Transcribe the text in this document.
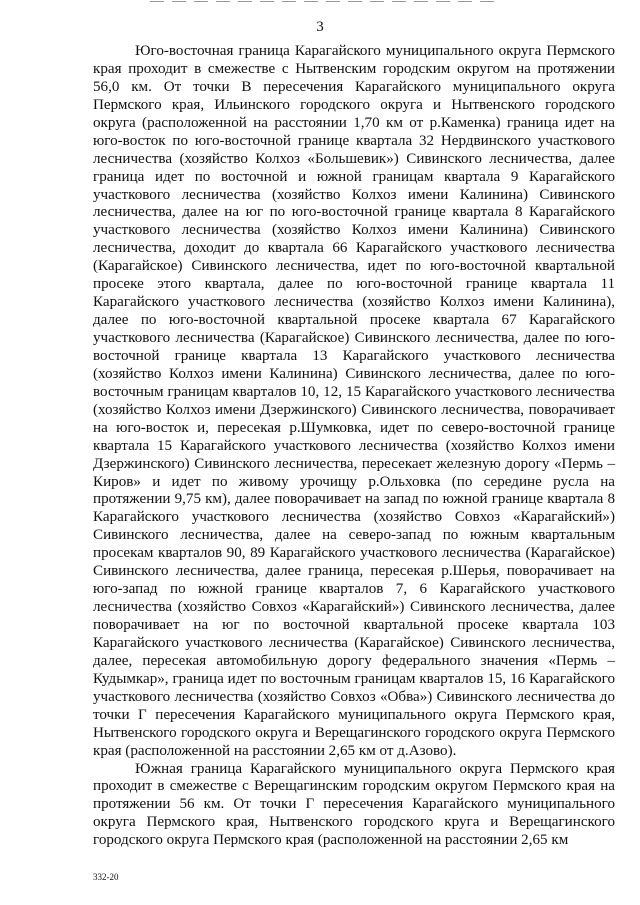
3

Юго-восточная граница Карагайского муниципального округа Пермского края проходит в смежестве с Нытвенским городским округом на протяжении 56,0 км. От точки В пересечения Карагайского муниципального округа Пермского края, Ильинского городского округа и Нытвенского городского округа (расположенной на расстоянии 1,70 км от р.Каменка) граница идет на юго-восток по юго-восточной границе квартала 32 Нердвинского участкового лесничества (хозяйство Колхоз «Большевик») Сивинского лесничества, далее граница идет по восточной и южной границам квартала 9 Карагайского участкового лесничества (хозяйство Колхоз имени Калинина) Сивинского лесничества, далее на юг по юго-восточной границе квартала 8 Карагайского участкового лесничества (хозяйство Колхоз имени Калинина) Сивинского лесничества, доходит до квартала 66 Карагайского участкового лесничества (Карагайское) Сивинского лесничества, идет по юго-восточной квартальной просеке этого квартала, далее по юго-восточной границе квартала 11 Карагайского участкового лесничества (хозяйство Колхоз имени Калинина), далее по юго-восточной квартальной просеке квартала 67 Карагайского участкового лесничества (Карагайское) Сивинского лесничества, далее по юго-восточной границе квартала 13 Карагайского участкового лесничества (хозяйство Колхоз имени Калинина) Сивинского лесничества, далее по юго-восточным границам кварталов 10, 12, 15 Карагайского участкового лесничества (хозяйство Колхоз имени Дзержинского) Сивинского лесничества, поворачивает на юго-восток и, пересекая р.Шумковка, идет по северо-восточной границе квартала 15 Карагайского участкового лесничества (хозяйство Колхоз имени Дзержинского) Сивинского лесничества, пересекает железную дорогу «Пермь – Киров» и идет по живому урочищу р.Ольховка (по середине русла на протяжении 9,75 км), далее поворачивает на запад по южной границе квартала 8 Карагайского участкового лесничества (хозяйство Совхоз «Карагайский») Сивинского лесничества, далее на северо-запад по южным квартальным просекам кварталов 90, 89 Карагайского участкового лесничества (Карагайское) Сивинского лесничества, далее граница, пересекая р.Шерья, поворачивает на юго-запад по южной границе кварталов 7, 6 Карагайского участкового лесничества (хозяйство Совхоз «Карагайский») Сивинского лесничества, далее поворачивает на юг по восточной квартальной просеке квартала 103 Карагайского участкового лесничества (Карагайское) Сивинского лесничества, далее, пересекая автомобильную дорогу федерального значения «Пермь – Кудымкар», граница идет по восточным границам кварталов 15, 16 Карагайского участкового лесничества (хозяйство Совхоз «Обва») Сивинского лесничества до точки Г пересечения Карагайского муниципального округа Пермского края, Нытвенского городского округа и Верещагинского городского округа Пермского края (расположенной на расстоянии 2,65 км от д.Азово).

Южная граница Карагайского муниципального округа Пермского края проходит в смежестве с Верещагинским городским округом Пермского края на протяжении 56 км. От точки Г пересечения Карагайского муниципального округа Пермского края, Нытвенского городского круга и Верещагинского городского округа Пермского края (расположенной на расстоянии 2,65 км

332-20
